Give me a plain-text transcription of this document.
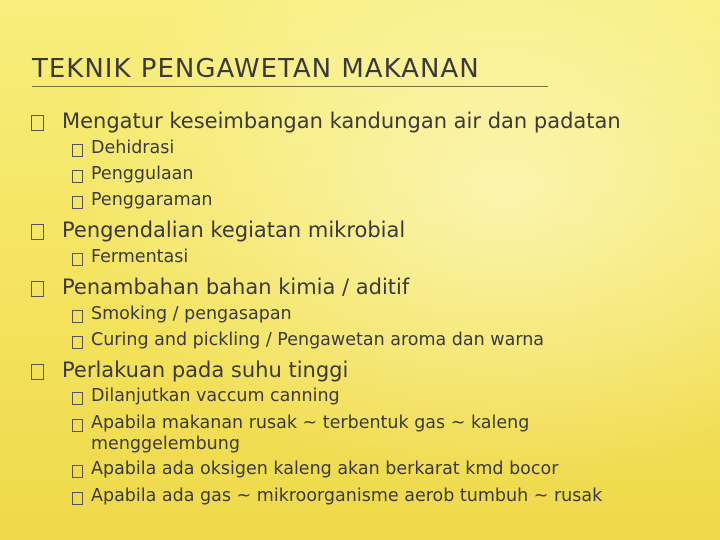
TEKNIK PENGAWETAN MAKANAN
Mengatur keseimbangan kandungan air dan padatan
Dehidrasi
Penggulaan
Penggaraman
Pengendalian kegiatan mikrobial
Fermentasi
Penambahan bahan kimia / aditif
Smoking / pengasapan
Curing and pickling / Pengawetan aroma dan warna
Perlakuan pada suhu tinggi
Dilanjutkan vaccum canning
Apabila makanan rusak ~ terbentuk gas ~ kaleng
menggelembung
Apabila ada oksigen kaleng akan berkarat kmd bocor
Apabila ada gas ~ mikroorganisme aerob tumbuh ~ rusak
